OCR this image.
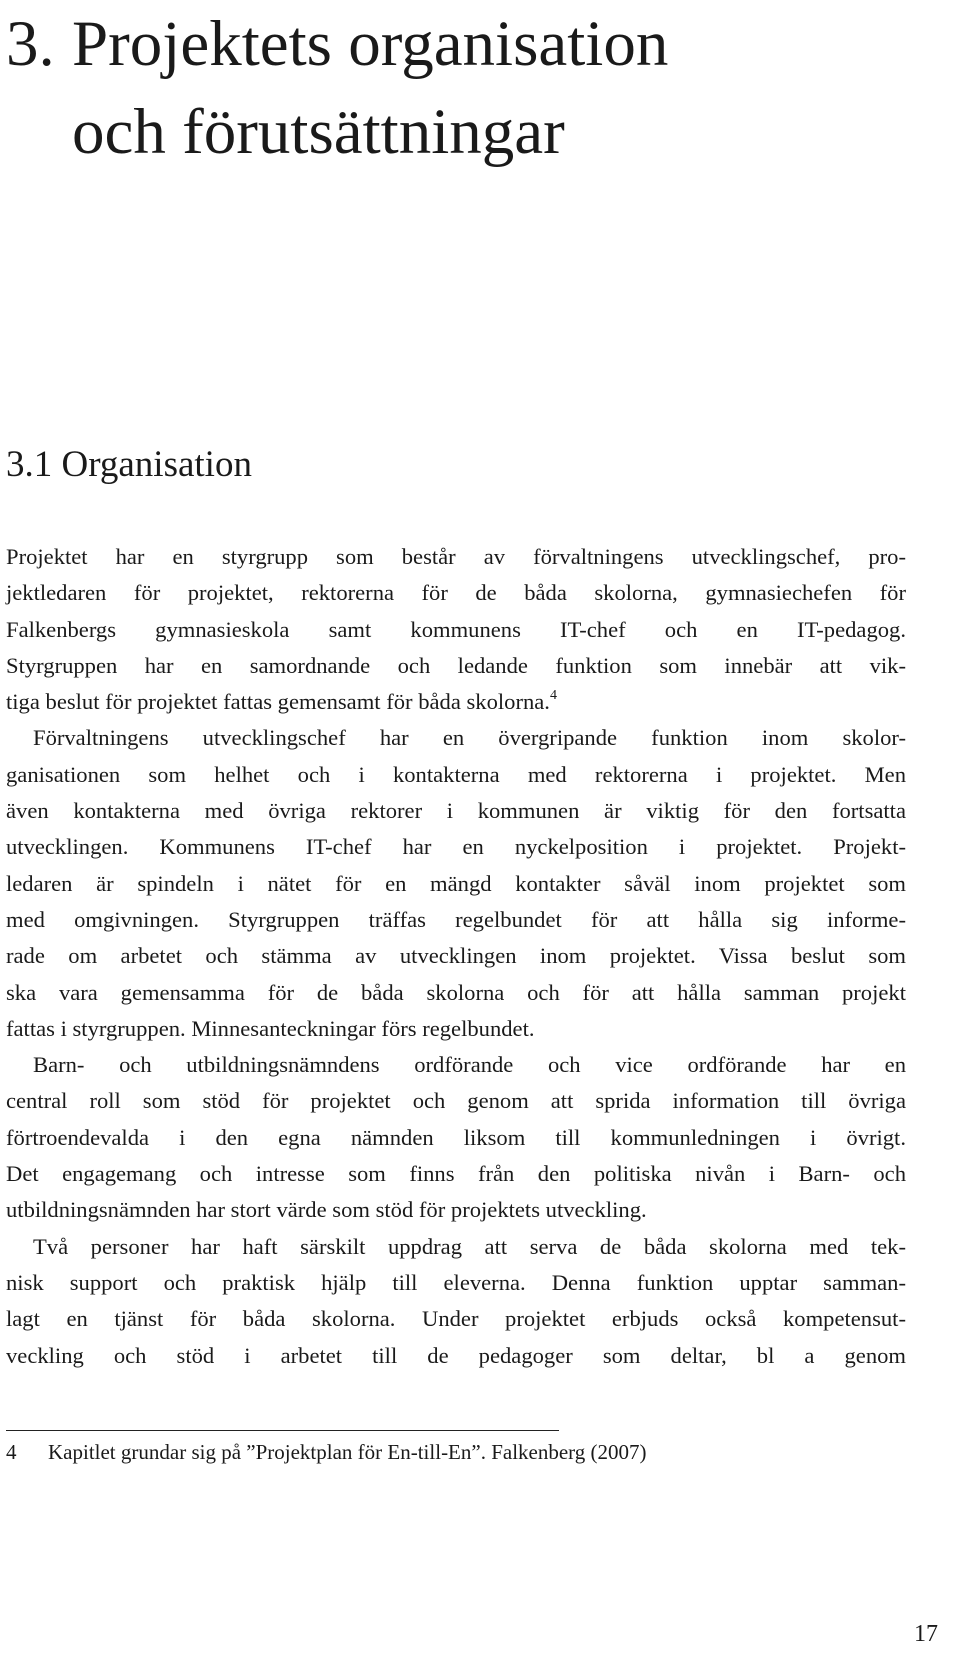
3. Projektets organisation
och förutsättningar
3.1 Organisation
Projektet har en styrgrupp som består av förvaltningens utvecklingschef, pro-
jektledaren för projektet, rektorerna för de båda skolorna, gymnasiechefen för
Falkenbergs gymnasieskola samt kommunens IT-chef och en IT-pedagog.
Styrgruppen har en samordnande och ledande funktion som innebär att vik-
tiga beslut för projektet fattas gemensamt för båda skolorna.$^4$
Förvaltningens utvecklingschef har en övergripande funktion inom skolor-
ganisationen som helhet och i kontakterna med rektorerna i projektet. Men
även kontakterna med övriga rektorer i kommunen är viktig för den fortsatta
utvecklingen. Kommunens IT-chef har en nyckelposition i projektet. Projekt-
ledaren är spindeln i nätet för en mängd kontakter såväl inom projektet som
med omgivningen. Styrgruppen träffas regelbundet för att hålla sig informe-
rade om arbetet och stämma av utvecklingen inom projektet. Vissa beslut som
ska vara gemensamma för de båda skolorna och för att hålla samman projekt
fattas i styrgruppen. Minnesanteckningar förs regelbundet.
Barn- och utbildningsnämndens ordförande och vice ordförande har en
central roll som stöd för projektet och genom att sprida information till övriga
förtroendevalda i den egna nämnden liksom till kommunledningen i övrigt.
Det engagemang och intresse som finns från den politiska nivån i Barn- och
utbildningsnämnden har stort värde som stöd för projektets utveckling.
Två personer har haft särskilt uppdrag att serva de båda skolorna med tek-
nisk support och praktisk hjälp till eleverna. Denna funktion upptar samman-
lagt en tjänst för båda skolorna. Under projektet erbjuds också kompetensut-
veckling och stöd i arbetet till de pedagoger som deltar, bl a genom
4 Kapitlet grundar sig på ”Projektplan för En-till-En”. Falkenberg (2007)
17
